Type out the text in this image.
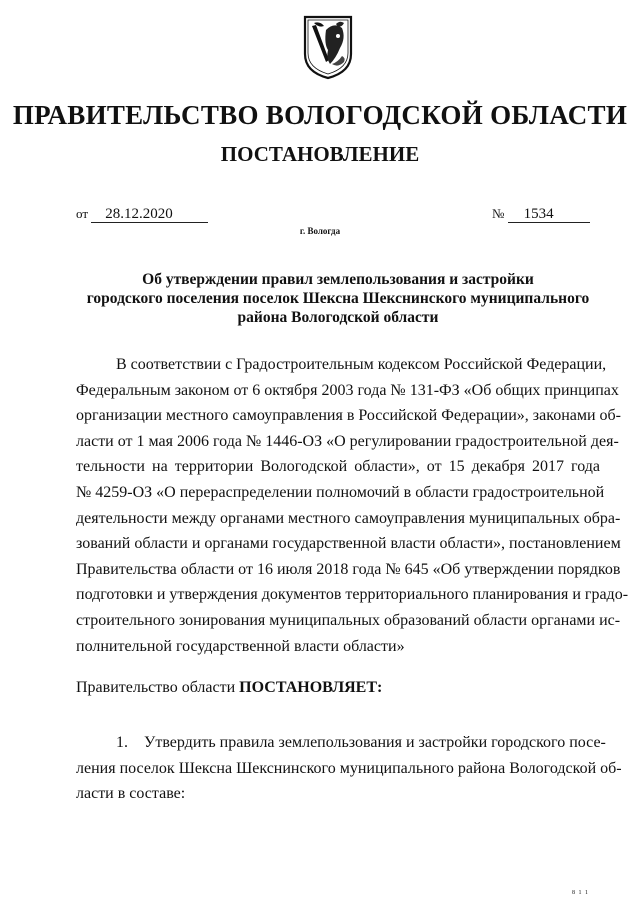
ПРАВИТЕЛЬСТВО ВОЛОГОДСКОЙ ОБЛАСТИ
ПОСТАНОВЛЕНИЕ
от 28.12.2020	№ 1534
г. Вологда
Об утверждении правил землепользования и застройки
городского поселения поселок Шексна Шекснинского муниципального
района Вологодской области
В соответствии с Градостроительным кодексом Российской Федерации,
Федеральным законом от 6 октября 2003 года № 131-ФЗ «Об общих принципах
организации местного самоуправления в Российской Федерации», законами об-
ласти от 1 мая 2006 года № 1446-ОЗ «О регулировании градостроительной дея-
тельности на территории Вологодской области», от 15 декабря 2017 года
№ 4259-ОЗ «О перераспределении полномочий в области градостроительной
деятельности между органами местного самоуправления муниципальных обра-
зований области и органами государственной власти области», постановлением
Правительства области от 16 июля 2018 года № 645 «Об утверждении порядков
подготовки и утверждения документов территориального планирования и градо-
строительного зонирования муниципальных образований области органами ис-
полнительной государственной власти области»
Правительство области ПОСТАНОВЛЯЕТ:
1. Утвердить правила землепользования и застройки городского посе-
ления поселок Шексна Шекснинского муниципального района Вологодской об-
ласти в составе:
8 1 1
